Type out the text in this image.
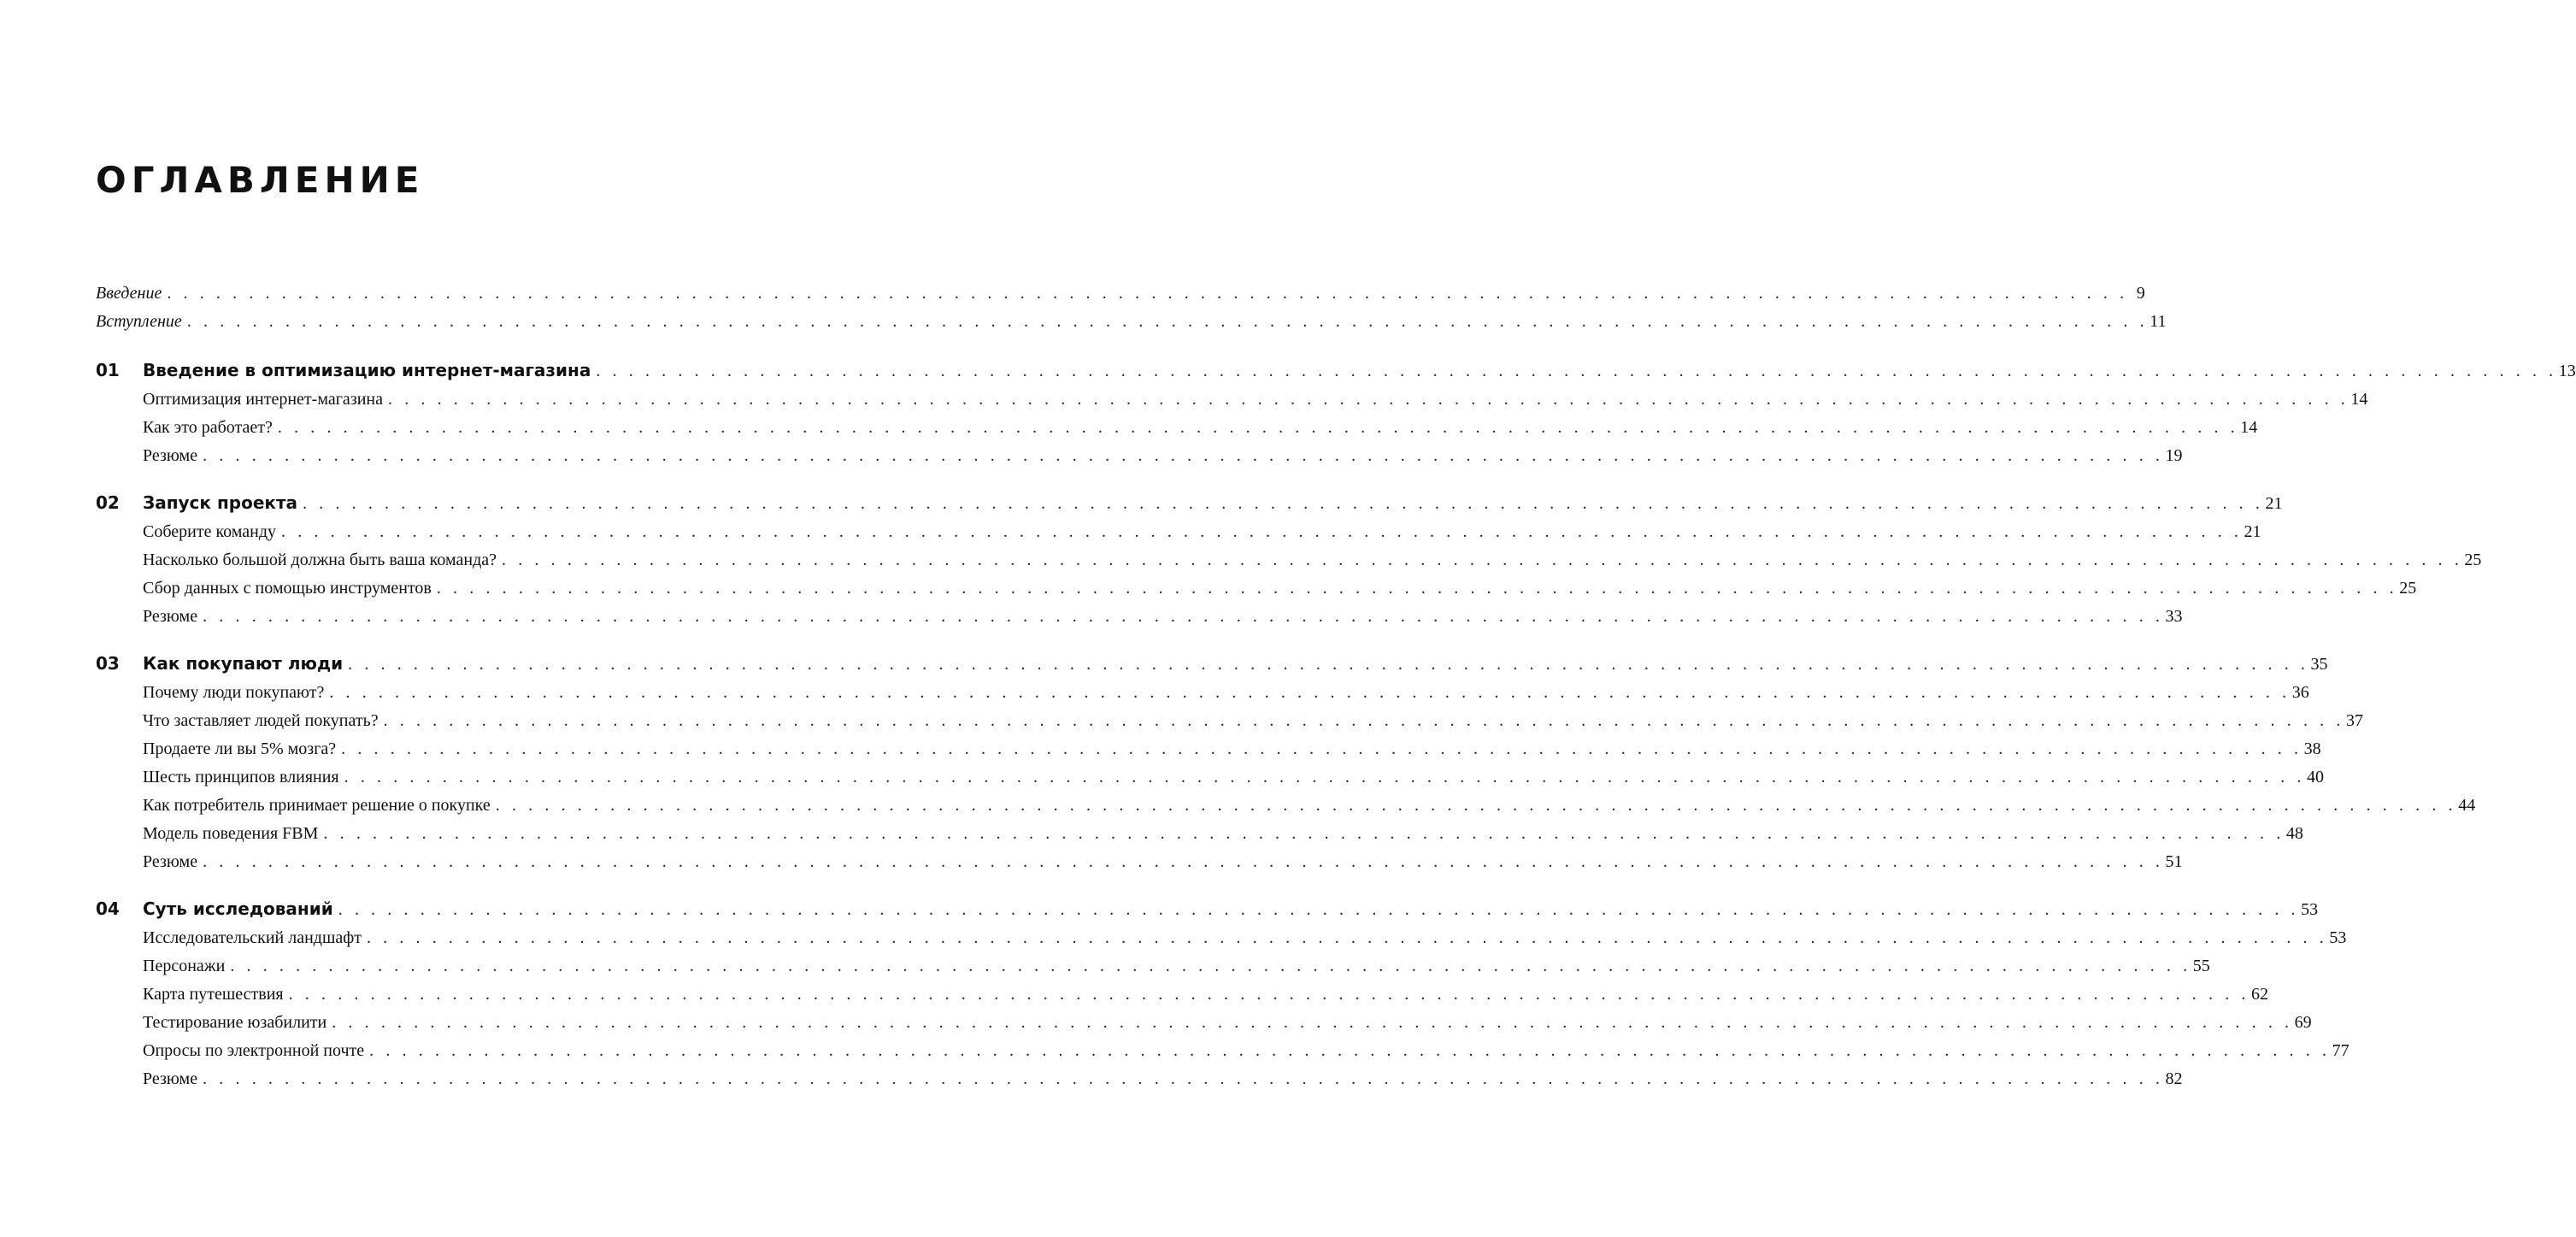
ОГЛАВЛЕНИЕ
Введение . . . . . . . . . . . . . . . . . . . . . . . . . . . . . . . . . . . . . . . . . . . . . . . . . . . . . . . . . . . . . . . . . . . . . . . . . . . . . . . . . . . . . . . . . . . . . . . . . . . . . . . . . . . . . . . . . . . . . . . . 9
Вступление . . . . . . . . . . . . . . . . . . . . . . . . . . . . . . . . . . . . . . . . . . . . . . . . . . . . . . . . . . . . . . . . . . . . . . . . . . . . . . . . . . . . . . . . . . . . . . . . . . . . . . . . . . . . . . . . . . . . . . . . 11
01	Введение в оптимизацию интернет-магазина . . . . . . . . . . . . . . . . . . . . . . . . . . . . . . . . . . . . . . . . . . . . . . . . . . . . . . . . . . . . . . . . . . . . . . . . . . . . . . . . . . . . . . . . . . . . . . . . . . . . . . . . . . . . . . . . . . . . . . . . 13
Оптимизация интернет-магазина . . . . . . . . . . . . . . . . . . . . . . . . . . . . . . . . . . . . . . . . . . . . . . . . . . . . . . . . . . . . . . . . . . . . . . . . . . . . . . . . . . . . . . . . . . . . . . . . . . . . . . . . . . . . . . . . . . . . . . . . 14
Как это работает? . . . . . . . . . . . . . . . . . . . . . . . . . . . . . . . . . . . . . . . . . . . . . . . . . . . . . . . . . . . . . . . . . . . . . . . . . . . . . . . . . . . . . . . . . . . . . . . . . . . . . . . . . . . . . . . . . . . . . . . . 14
Резюме . . . . . . . . . . . . . . . . . . . . . . . . . . . . . . . . . . . . . . . . . . . . . . . . . . . . . . . . . . . . . . . . . . . . . . . . . . . . . . . . . . . . . . . . . . . . . . . . . . . . . . . . . . . . . . . . . . . . . . . . 19
02	Запуск проекта . . . . . . . . . . . . . . . . . . . . . . . . . . . . . . . . . . . . . . . . . . . . . . . . . . . . . . . . . . . . . . . . . . . . . . . . . . . . . . . . . . . . . . . . . . . . . . . . . . . . . . . . . . . . . . . . . . . . . . . . 21
Соберите команду . . . . . . . . . . . . . . . . . . . . . . . . . . . . . . . . . . . . . . . . . . . . . . . . . . . . . . . . . . . . . . . . . . . . . . . . . . . . . . . . . . . . . . . . . . . . . . . . . . . . . . . . . . . . . . . . . . . . . . . . 21
Насколько большой должна быть ваша команда? . . . . . . . . . . . . . . . . . . . . . . . . . . . . . . . . . . . . . . . . . . . . . . . . . . . . . . . . . . . . . . . . . . . . . . . . . . . . . . . . . . . . . . . . . . . . . . . . . . . . . . . . . . . . . . . . . . . . . . . . 25
Сбор данных с помощью инструментов . . . . . . . . . . . . . . . . . . . . . . . . . . . . . . . . . . . . . . . . . . . . . . . . . . . . . . . . . . . . . . . . . . . . . . . . . . . . . . . . . . . . . . . . . . . . . . . . . . . . . . . . . . . . . . . . . . . . . . . . 25
Резюме . . . . . . . . . . . . . . . . . . . . . . . . . . . . . . . . . . . . . . . . . . . . . . . . . . . . . . . . . . . . . . . . . . . . . . . . . . . . . . . . . . . . . . . . . . . . . . . . . . . . . . . . . . . . . . . . . . . . . . . . 33
03	Как покупают люди . . . . . . . . . . . . . . . . . . . . . . . . . . . . . . . . . . . . . . . . . . . . . . . . . . . . . . . . . . . . . . . . . . . . . . . . . . . . . . . . . . . . . . . . . . . . . . . . . . . . . . . . . . . . . . . . . . . . . . . . 35
Почему люди покупают? . . . . . . . . . . . . . . . . . . . . . . . . . . . . . . . . . . . . . . . . . . . . . . . . . . . . . . . . . . . . . . . . . . . . . . . . . . . . . . . . . . . . . . . . . . . . . . . . . . . . . . . . . . . . . . . . . . . . . . . . 36
Что заставляет людей покупать? . . . . . . . . . . . . . . . . . . . . . . . . . . . . . . . . . . . . . . . . . . . . . . . . . . . . . . . . . . . . . . . . . . . . . . . . . . . . . . . . . . . . . . . . . . . . . . . . . . . . . . . . . . . . . . . . . . . . . . . . 37
Продаете ли вы 5% мозга? . . . . . . . . . . . . . . . . . . . . . . . . . . . . . . . . . . . . . . . . . . . . . . . . . . . . . . . . . . . . . . . . . . . . . . . . . . . . . . . . . . . . . . . . . . . . . . . . . . . . . . . . . . . . . . . . . . . . . . . . 38
Шесть принципов влияния . . . . . . . . . . . . . . . . . . . . . . . . . . . . . . . . . . . . . . . . . . . . . . . . . . . . . . . . . . . . . . . . . . . . . . . . . . . . . . . . . . . . . . . . . . . . . . . . . . . . . . . . . . . . . . . . . . . . . . . . 40
Как потребитель принимает решение о покупке . . . . . . . . . . . . . . . . . . . . . . . . . . . . . . . . . . . . . . . . . . . . . . . . . . . . . . . . . . . . . . . . . . . . . . . . . . . . . . . . . . . . . . . . . . . . . . . . . . . . . . . . . . . . . . . . . . . . . . . . 44
Модель поведения FBM . . . . . . . . . . . . . . . . . . . . . . . . . . . . . . . . . . . . . . . . . . . . . . . . . . . . . . . . . . . . . . . . . . . . . . . . . . . . . . . . . . . . . . . . . . . . . . . . . . . . . . . . . . . . . . . . . . . . . . . . 48
Резюме . . . . . . . . . . . . . . . . . . . . . . . . . . . . . . . . . . . . . . . . . . . . . . . . . . . . . . . . . . . . . . . . . . . . . . . . . . . . . . . . . . . . . . . . . . . . . . . . . . . . . . . . . . . . . . . . . . . . . . . . 51
04	Суть исследований . . . . . . . . . . . . . . . . . . . . . . . . . . . . . . . . . . . . . . . . . . . . . . . . . . . . . . . . . . . . . . . . . . . . . . . . . . . . . . . . . . . . . . . . . . . . . . . . . . . . . . . . . . . . . . . . . . . . . . . . 53
Исследовательский ландшафт . . . . . . . . . . . . . . . . . . . . . . . . . . . . . . . . . . . . . . . . . . . . . . . . . . . . . . . . . . . . . . . . . . . . . . . . . . . . . . . . . . . . . . . . . . . . . . . . . . . . . . . . . . . . . . . . . . . . . . . . 53
Персонажи . . . . . . . . . . . . . . . . . . . . . . . . . . . . . . . . . . . . . . . . . . . . . . . . . . . . . . . . . . . . . . . . . . . . . . . . . . . . . . . . . . . . . . . . . . . . . . . . . . . . . . . . . . . . . . . . . . . . . . . . 55
Карта путешествия . . . . . . . . . . . . . . . . . . . . . . . . . . . . . . . . . . . . . . . . . . . . . . . . . . . . . . . . . . . . . . . . . . . . . . . . . . . . . . . . . . . . . . . . . . . . . . . . . . . . . . . . . . . . . . . . . . . . . . . . 62
Тестирование юзабилити . . . . . . . . . . . . . . . . . . . . . . . . . . . . . . . . . . . . . . . . . . . . . . . . . . . . . . . . . . . . . . . . . . . . . . . . . . . . . . . . . . . . . . . . . . . . . . . . . . . . . . . . . . . . . . . . . . . . . . . . 69
Опросы по электронной почте . . . . . . . . . . . . . . . . . . . . . . . . . . . . . . . . . . . . . . . . . . . . . . . . . . . . . . . . . . . . . . . . . . . . . . . . . . . . . . . . . . . . . . . . . . . . . . . . . . . . . . . . . . . . . . . . . . . . . . . . 77
Резюме . . . . . . . . . . . . . . . . . . . . . . . . . . . . . . . . . . . . . . . . . . . . . . . . . . . . . . . . . . . . . . . . . . . . . . . . . . . . . . . . . . . . . . . . . . . . . . . . . . . . . . . . . . . . . . . . . . . . . . . . 82
